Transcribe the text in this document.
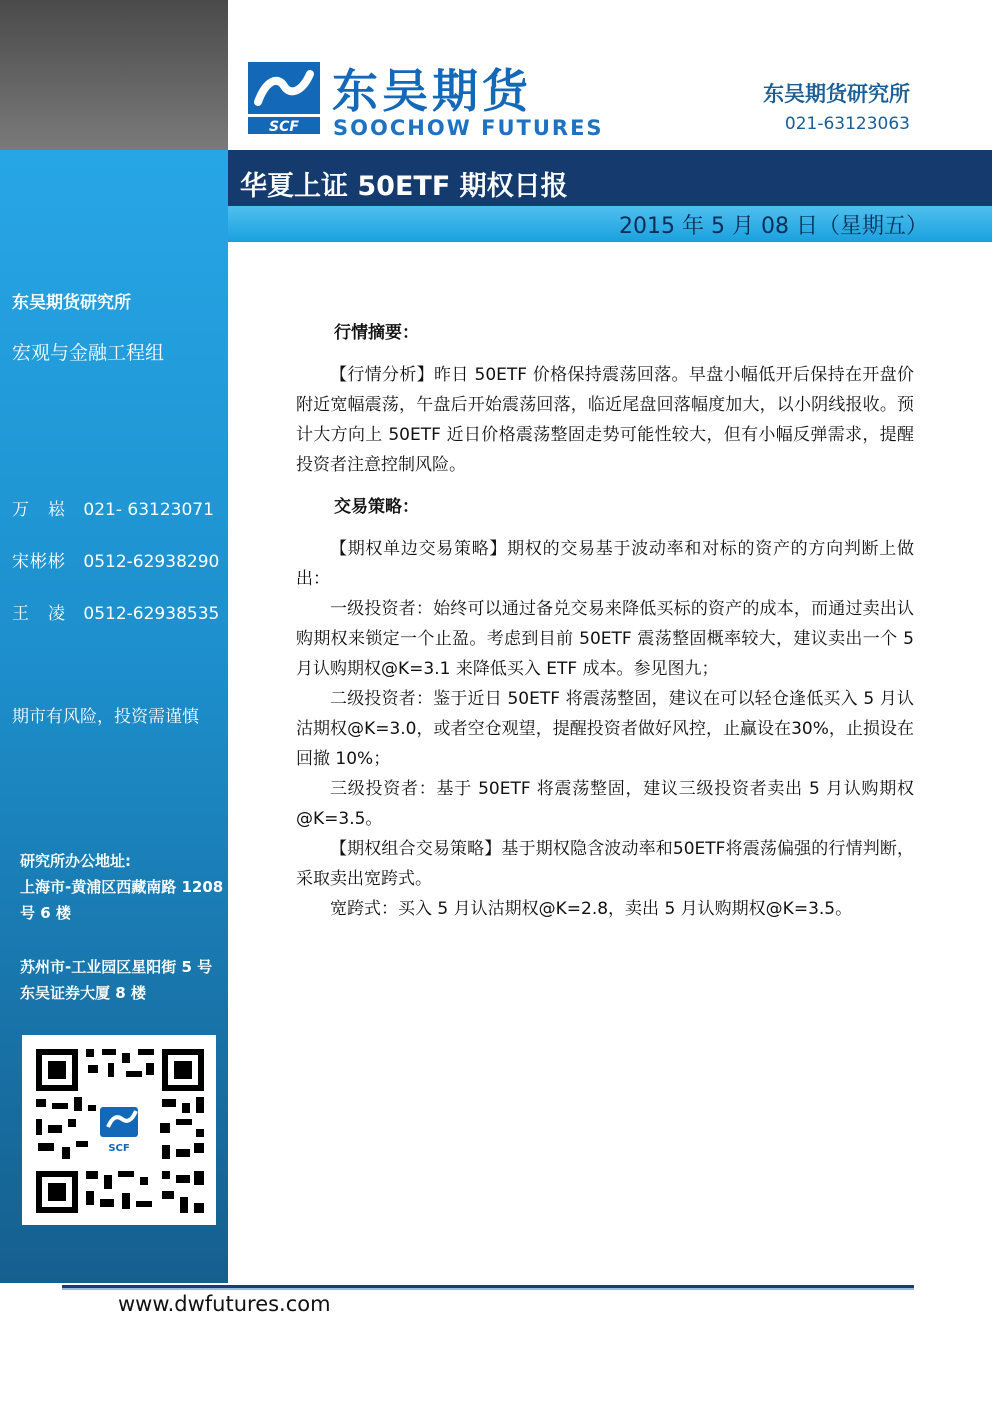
东吴期货研究所
宏观与金融工程组
万　崧 021- 63123071
宋彬彬 0512-62938290
王　凌 0512-62938535
期市有风险，投资需谨慎
研究所办公地址:
上海市-黄浦区西藏南路 1208 号 6 楼
苏州市-工业园区星阳街 5 号东吴证券大厦 8 楼
SCF
SCF
东吴期货
SOOCHOW FUTURES
东吴期货研究所
021-63123063
华夏上证 50ETF 期权日报
2015 年 5 月 08 日（星期五）

行情摘要：

【行情分析】昨日 50ETF 价格保持震荡回落。早盘小幅低开后保持在开盘价附近宽幅震荡，午盘后开始震荡回落，临近尾盘回落幅度加大，以小阴线报收。预计大方向上 50ETF 近日价格震荡整固走势可能性较大，但有小幅反弹需求，提醒投资者注意控制风险。

交易策略：

【期权单边交易策略】期权的交易基于波动率和对标的资产的方向判断上做出：

一级投资者：始终可以通过备兑交易来降低买标的资产的成本，而通过卖出认购期权来锁定一个止盈。考虑到目前 50ETF 震荡整固概率较大，建议卖出一个 5 月认购期权@K=3.1 来降低买入 ETF 成本。参见图九；

二级投资者：鉴于近日 50ETF 将震荡整固，建议在可以轻仓逢低买入 5 月认沽期权@K=3.0，或者空仓观望，提醒投资者做好风控，止赢设在30%，止损设在回撤 10%；

三级投资者：基于 50ETF 将震荡整固，建议三级投资者卖出 5 月认购期权@K=3.5。

【期权组合交易策略】基于期权隐含波动率和50ETF将震荡偏强的行情判断，采取卖出宽跨式。

宽跨式：买入 5 月认沽期权@K=2.8，卖出 5 月认购期权@K=3.5。

www.dwfutures.com
